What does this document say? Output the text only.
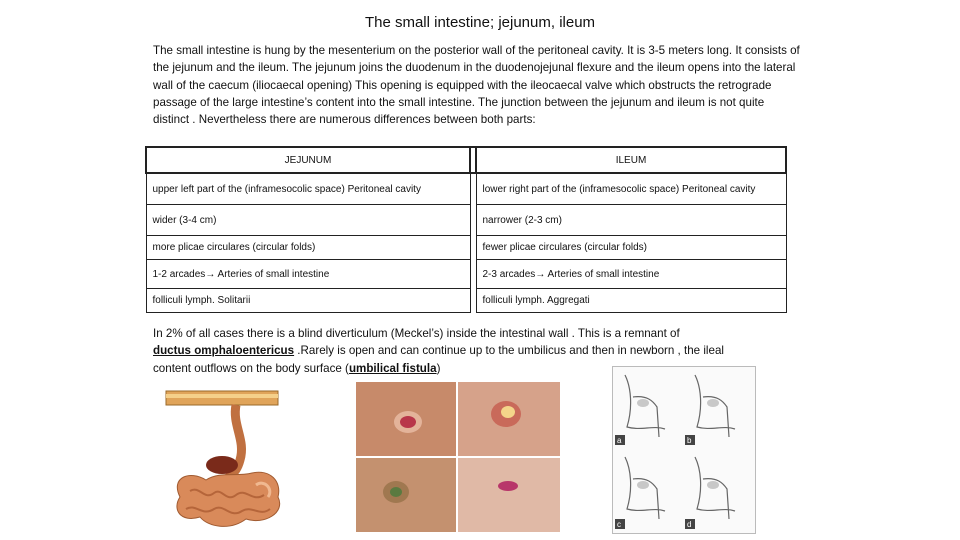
The small intestine; jejunum, ileum
The small intestine is hung by the mesenterium on the posterior wall of the peritoneal cavity. It is 3-5 meters long. It consists of the jejunum and the ileum. The jejunum joins the duodenum in the duodenojejunal flexure and the ileum opens into the lateral wall of the caecum (iliocaecal opening) This opening is equipped with the ileocaecal valve which obstructs the retrograde passage of the large intestine’s content into the small intestine. The junction between the jejunum and ileum is not quite distinct . Nevertheless there are numerous differences between both parts:
JEJUNUM		ILEUM
upper left part of the (inframesocolic space) Peritoneal cavity		lower right part of the (inframesocolic space) Peritoneal cavity
wider (3-4 cm)		narrower (2-3 cm)
more plicae circulares (circular folds)		fewer plicae circulares (circular folds)
1-2 arcades→ Arteries of small intestine		2-3 arcades→ Arteries of small intestine
folliculi lymph. Solitarii		folliculi lymph. Aggregati
In 2% of all cases there is a blind diverticulum (Meckel’s) inside the intestinal wall . This is a remnant of
ductus omphaloentericus .Rarely is open and can continue up to the umbilicus and then in newborn , the ileal content outflows on the body surface (umbilical fistula)
a	b
c	d
